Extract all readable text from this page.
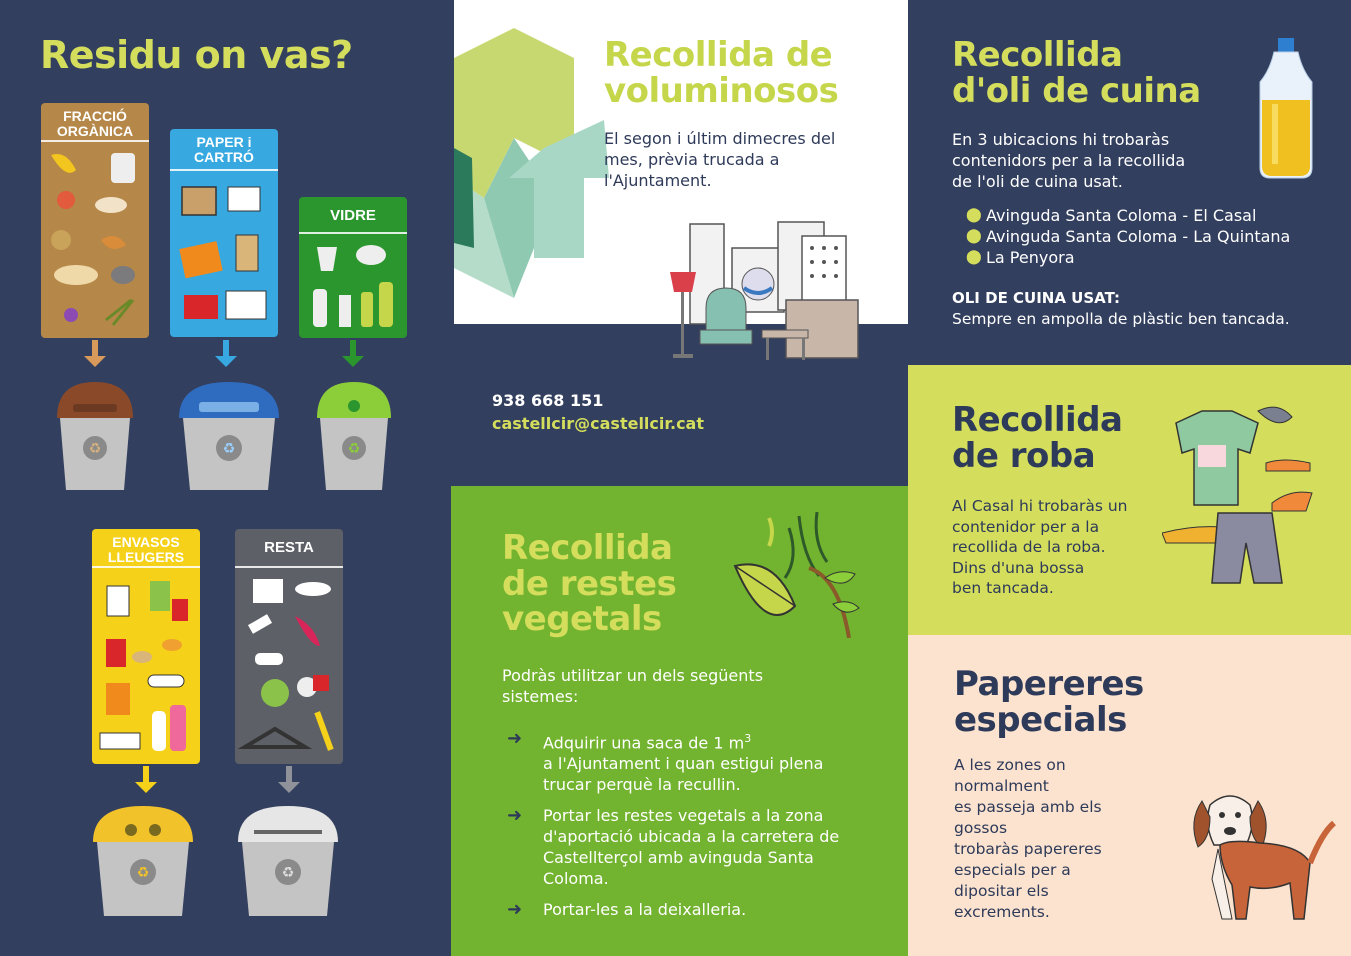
Residu on vas?
FRACCIÓ
ORGÀNICA
PAPER i
CARTRÓ
VIDRE
♻	♻	♻
ENVASOS
LLEUGERS
RESTA
♻	♻
Recollida de
voluminosos
El segon i últim dimecres del
mes, prèvia trucada a
l'Ajuntament.
938 668 151
castellcir@castellcir.cat
Recollida
de restes
vegetals
Podràs utilitzar un dels següents
sistemes:
➜	Adquirir una saca de 1 $m^3$
a l'Ajuntament i quan estigui plena
trucar perquè la recullin.
➜	Portar les restes vegetals a la zona
d'aportació ubicada a la carretera de
Castellterçol amb avinguda Santa
Coloma.
➜	Portar-les a la deixalleria.
Recollida
d'oli de cuina
En 3 ubicacions hi trobaràs
contenidors per a la recollida
de l'oli de cuina usat.
⬤ Avinguda Santa Coloma - El Casal
⬤ Avinguda Santa Coloma - La Quintana
⬤ La Penyora
OLI DE CUINA USAT:
Sempre en ampolla de plàstic ben tancada.
Recollida
de roba
Al Casal hi trobaràs un
contenidor per a la
recollida de la roba.
Dins d'una bossa
ben tancada.
Papereres
especials
A les zones on
normalment
es passeja amb els
gossos
trobaràs papereres
especials per a
dipositar els
excrements.
